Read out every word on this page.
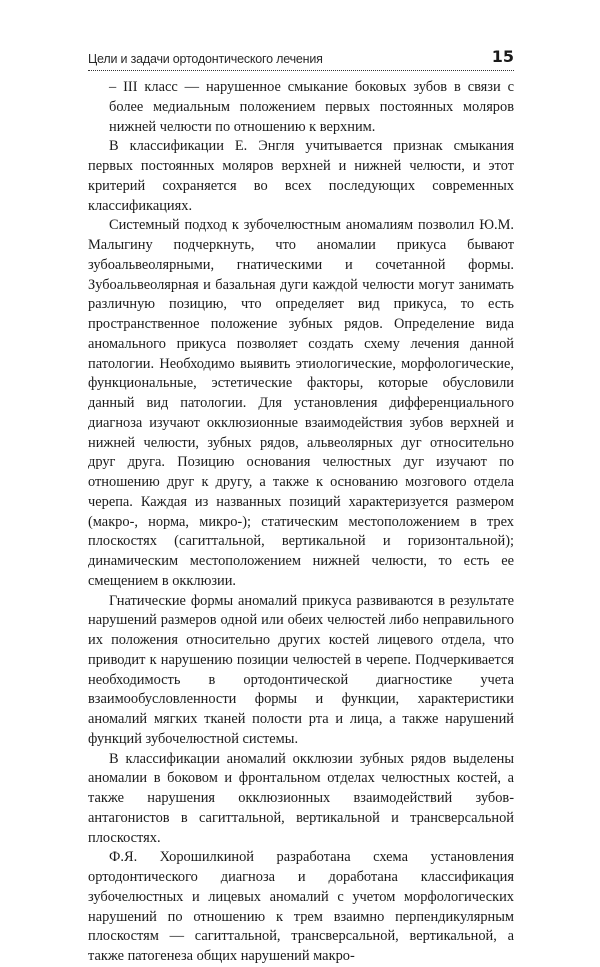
Цели и задачи ортодонтического лечения	15

– III класс — нарушенное смыкание боковых зубов в связи с более медиальным положением первых постоянных моляров нижней челюсти по отношению к верхним.

В классификации Е. Энгля учитывается признак смыкания первых постоянных моляров верхней и нижней челюсти, и этот критерий сохраняется во всех последующих современных классификациях.

Системный подход к зубочелюстным аномалиям позволил Ю.М. Малыгину подчеркнуть, что аномалии прикуса бывают зубоальвеолярными, гнатическими и сочетанной формы. Зубоальвеолярная и базальная дуги каждой челюсти могут занимать различную позицию, что определяет вид прикуса, то есть пространственное положение зубных рядов. Определение вида аномального прикуса позволяет создать схему лечения данной патологии. Необходимо выявить этиологические, морфологические, функциональные, эстетические факторы, которые обусловили данный вид патологии. Для установления дифференциального диагноза изучают окклюзионные взаимодействия зубов верхней и нижней челюсти, зубных рядов, альвеолярных дуг относительно друг друга. Позицию основания челюстных дуг изучают по отношению друг к другу, а также к основанию мозгового отдела черепа. Каждая из названных позиций характеризуется размером (макро-, норма, микро-); статическим местоположением в трех плоскостях (сагиттальной, вертикальной и горизонтальной); динамическим местоположением нижней челюсти, то есть ее смещением в окклюзии.

Гнатические формы аномалий прикуса развиваются в результате нарушений размеров одной или обеих челюстей либо неправильного их положения относительно других костей лицевого отдела, что приводит к нарушению позиции челюстей в черепе. Подчеркивается необходимость в ортодонтической диагностике учета взаимообусловленности формы и функции, характеристики аномалий мягких тканей полости рта и лица, а также нарушений функций зубочелюстной системы.

В классификации аномалий окклюзии зубных рядов выделены аномалии в боковом и фронтальном отделах челюстных костей, а также нарушения окклюзионных взаимодействий зубов-антагонистов в сагиттальной, вертикальной и трансверсальной плоскостях.

Ф.Я. Хорошилкиной разработана схема установления ортодонтического диагноза и доработана классификация зубочелюстных и лицевых аномалий с учетом морфологических нарушений по отношению к трем взаимно перпендикулярным плоскостям — сагиттальной, трансверсальной, вертикальной, а также патогенеза общих нарушений макро-
